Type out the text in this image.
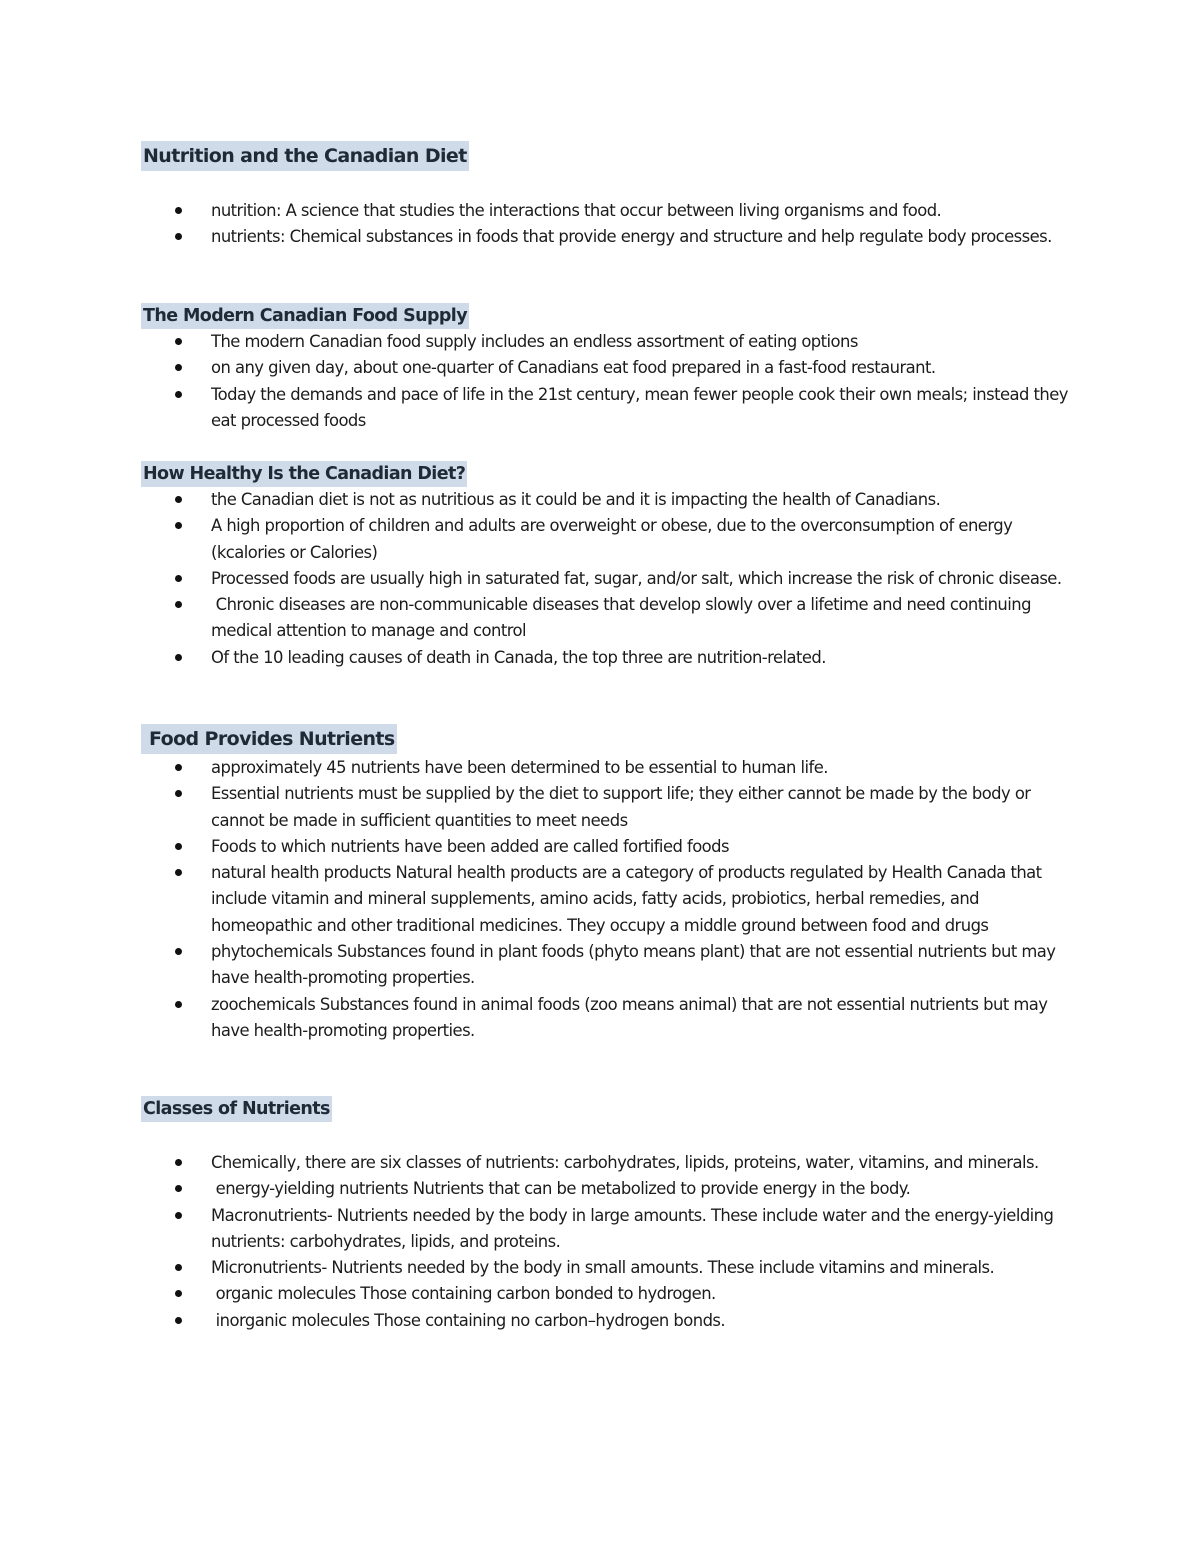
Nutrition and the Canadian Diet
nutrition: A science that studies the interactions that occur between living organisms and food.
nutrients: Chemical substances in foods that provide energy and structure and help regulate body processes.
The Modern Canadian Food Supply
The modern Canadian food supply includes an endless assortment of eating options
on any given day, about one-quarter of Canadians eat food prepared in a fast-food restaurant.
Today the demands and pace of life in the 21st century, mean fewer people cook their own meals; instead they eat processed foods
How Healthy Is the Canadian Diet?
the Canadian diet is not as nutritious as it could be and it is impacting the health of Canadians.
A high proportion of children and adults are overweight or obese, due to the overconsumption of energy (kcalories or Calories)
Processed foods are usually high in saturated fat, sugar, and/or salt, which increase the risk of chronic disease.
Chronic diseases are non-communicable diseases that develop slowly over a lifetime and need continuing medical attention to manage and control
Of the 10 leading causes of death in Canada, the top three are nutrition-related.
Food Provides Nutrients
approximately 45 nutrients have been determined to be essential to human life.
Essential nutrients must be supplied by the diet to support life; they either cannot be made by the body or cannot be made in sufficient quantities to meet needs
Foods to which nutrients have been added are called fortified foods
natural health products Natural health products are a category of products regulated by Health Canada that include vitamin and mineral supplements, amino acids, fatty acids, probiotics, herbal remedies, and homeopathic and other traditional medicines. They occupy a middle ground between food and drugs
phytochemicals Substances found in plant foods (phyto means plant) that are not essential nutrients but may have health-promoting properties.
zoochemicals Substances found in animal foods (zoo means animal) that are not essential nutrients but may have health-promoting properties.
Classes of Nutrients
Chemically, there are six classes of nutrients: carbohydrates, lipids, proteins, water, vitamins, and minerals.
energy-yielding nutrients Nutrients that can be metabolized to provide energy in the body.
Macronutrients- Nutrients needed by the body in large amounts. These include water and the energy-yielding nutrients: carbohydrates, lipids, and proteins.
Micronutrients- Nutrients needed by the body in small amounts. These include vitamins and minerals.
organic molecules Those containing carbon bonded to hydrogen.
inorganic molecules Those containing no carbon–hydrogen bonds.
